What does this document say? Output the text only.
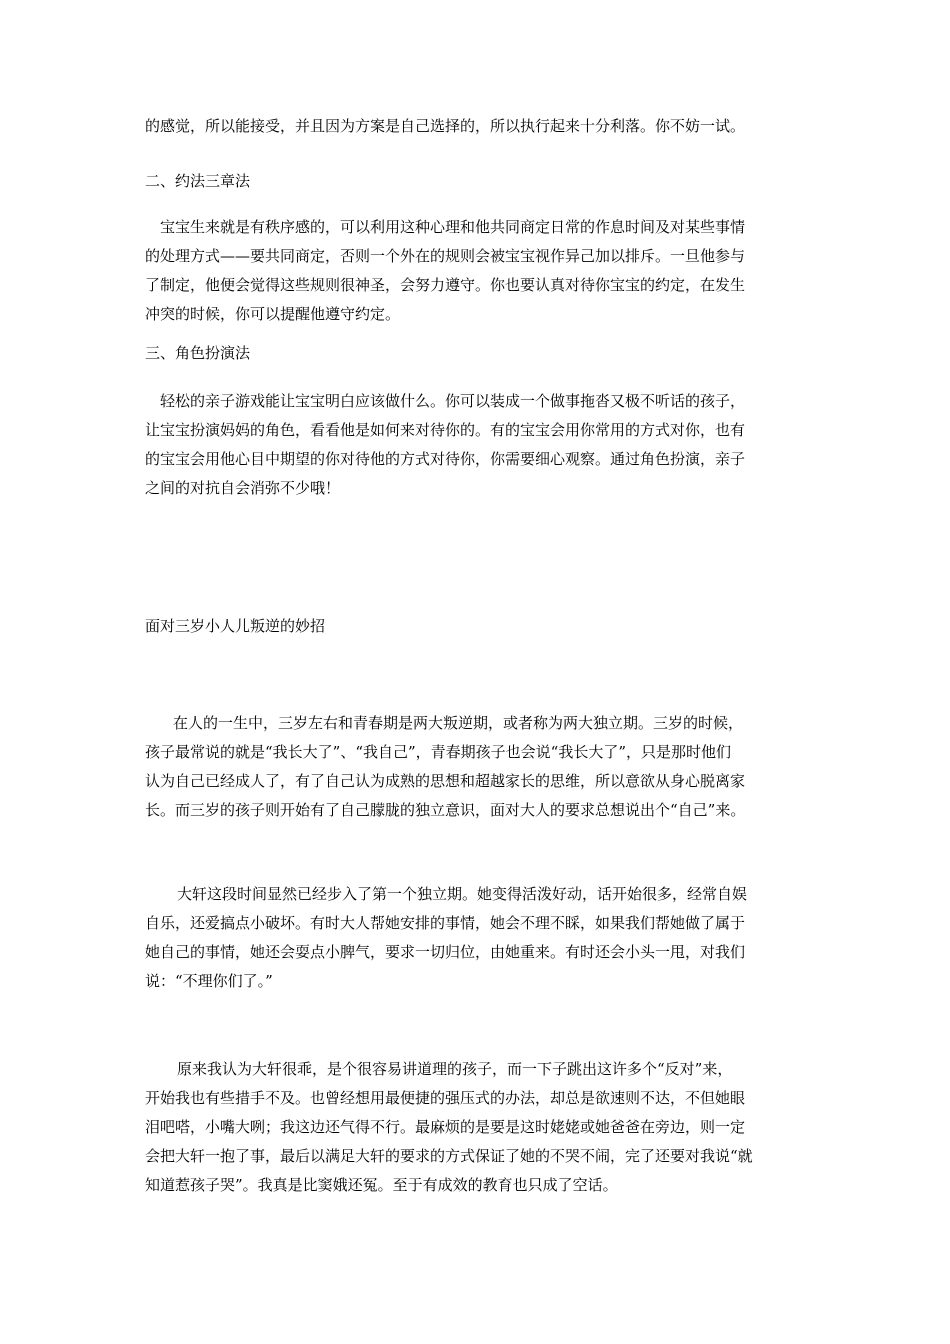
的感觉，所以能接受，并且因为方案是自己选择的，所以执行起来十分利落。你不妨一试。

二、约法三章法

宝宝生来就是有秩序感的，可以利用这种心理和他共同商定日常的作息时间及对某些事情
的处理方式——要共同商定，否则一个外在的规则会被宝宝视作异己加以排斥。一旦他参与
了制定，他便会觉得这些规则很神圣，会努力遵守。你也要认真对待你宝宝的约定，在发生
冲突的时候，你可以提醒他遵守约定。

三、角色扮演法

轻松的亲子游戏能让宝宝明白应该做什么。你可以装成一个做事拖沓又极不听话的孩子，
让宝宝扮演妈妈的角色，看看他是如何来对待你的。有的宝宝会用你常用的方式对你，也有
的宝宝会用他心目中期望的你对待他的方式对待你，你需要细心观察。通过角色扮演，亲子
之间的对抗自会消弥不少哦！

面对三岁小人儿叛逆的妙招

在人的一生中，三岁左右和青春期是两大叛逆期，或者称为两大独立期。三岁的时候，
孩子最常说的就是“我长大了”、“我自己”，青春期孩子也会说“我长大了”，只是那时他们
认为自己已经成人了，有了自己认为成熟的思想和超越家长的思维，所以意欲从身心脱离家
长。而三岁的孩子则开始有了自己朦胧的独立意识，面对大人的要求总想说出个“自己”来。

大轩这段时间显然已经步入了第一个独立期。她变得活泼好动，话开始很多，经常自娱
自乐，还爱搞点小破坏。有时大人帮她安排的事情，她会不理不睬，如果我们帮她做了属于
她自己的事情，她还会耍点小脾气，要求一切归位，由她重来。有时还会小头一甩，对我们
说：“不理你们了。”

原来我认为大轩很乖，是个很容易讲道理的孩子，而一下子跳出这许多个“反对”来，
开始我也有些措手不及。也曾经想用最便捷的强压式的办法，却总是欲速则不达，不但她眼
泪吧嗒，小嘴大咧；我这边还气得不行。最麻烦的是要是这时姥姥或她爸爸在旁边，则一定
会把大轩一抱了事，最后以满足大轩的要求的方式保证了她的不哭不闹，完了还要对我说“就
知道惹孩子哭”。我真是比窦娥还冤。至于有成效的教育也只成了空话。
